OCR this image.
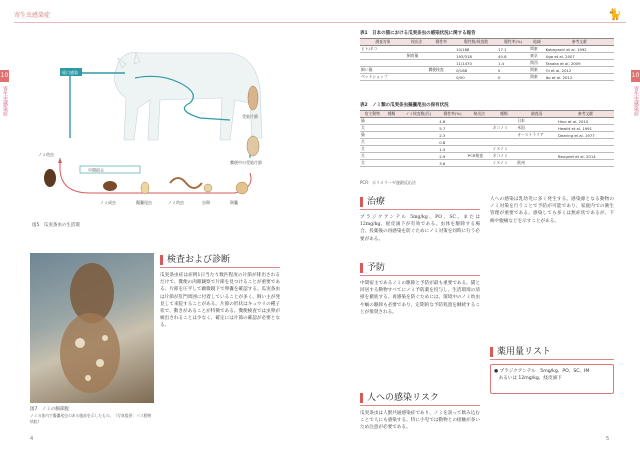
寄生虫感染症	🐈
10
寄生虫感染症
10
寄生虫感染症
経口感染
受胎片節
糞便中の受胎片節
卵嚢
虫卵
ノミ幼虫
擬嚢尾虫
ノミ成虫
中間宿主
ノミ幼虫
図5　瓜実条虫の生活環
図7　ノミの胴部腹
ノミの体内で擬嚢尾虫のある腹部を示したもの。（写真提供：パス動物病院）
検査および診断
瓜実条虫症は症例1日当たり数匹程度の片節が排出されるだけで、糞便の肉眼観察で片節を見つけることが重要である。片節を圧平して顕微鏡下で卵嚢を確認する。瓜実条虫は片節が肛門周囲に付着していることが多く、飼い主が発見して来院することがある。片節の形状はキュウリの種子状で、動きがあることが特徴である。糞便検査では虫卵が検出されることは少なく、確定には片節の確認が必要となる。
4	5
表1　日本の猫における瓜実条虫の感染状況に関する報告
調査対象	検出法	陽性率	陽性数/検査数	陽性率(%)	地域	参考文献
ヒト/ネコ			10/168	17.1	関東	Kobayashi et al. 1992
	飼育猫		193/318	40.8	東京	Uga et al. 2007
			11/1470	1.4	関西	Tanaka et al. 2009
飼い猫		糞便検査	0/168	0	関東	Oi et al. 2012
ペットショップ			0/50	0	関東	Ito et al. 2012
表2　ノミ類の瓜実条虫擬嚢尾虫の保有状況
宿主動物	種類	ノミ検査数(匹)	陽性率(%)	検出法	種類	調査国	参考文献
猫			4.8			日本	Hino et al. 2010
犬			5.7		ネコノミ	米国	Hewitt et al. 1991
猫			2.3			オーストラリア	Dearing et al. 1977
犬			0.8				
犬			1.5		イヌノミ		
犬			2.9	PCR検査	ネコノミ		Beugnet et al. 2014
犬			3.6		イヌノミ	欧州	
PCR：ポリメラーゼ連鎖反応法
治療
プラジクアンテル 5mg/kg、PO、SC。または12mg/kg、経皮滴下が有効である。虫体を駆除する場合、投薬後の再感染を防ぐためにノミ対策を同時に行う必要がある。
予防
中間宿主であるノミの駆除と予防が最も重要である。猫と同居する動物すべてにノミ予防薬を投与し、生活環境の清掃を徹底する。再感染を防ぐためには、環境中のノミ幼虫や蛹の駆除も必要であり、定期的な予防処置を継続することが推奨される。
人への感染リスク
瓜実条虫は人獣共通感染症であり、ノミを誤って飲み込むことで人にも感染する。特に小児では動物との接触が多いため注意が必要である。
人への感染は乳幼児に多く発生する。感染源となる動物のノミ対策を行うことで予防が可能であり、家庭内での衛生管理が重要である。感染しても多くは無症状であるが、下痢や腹痛などを示すことがある。
薬用量リスト
● プラジクアンテル　5mg/kg、PO、SC、IM
　あるいは 12mg/kg、経皮滴下
